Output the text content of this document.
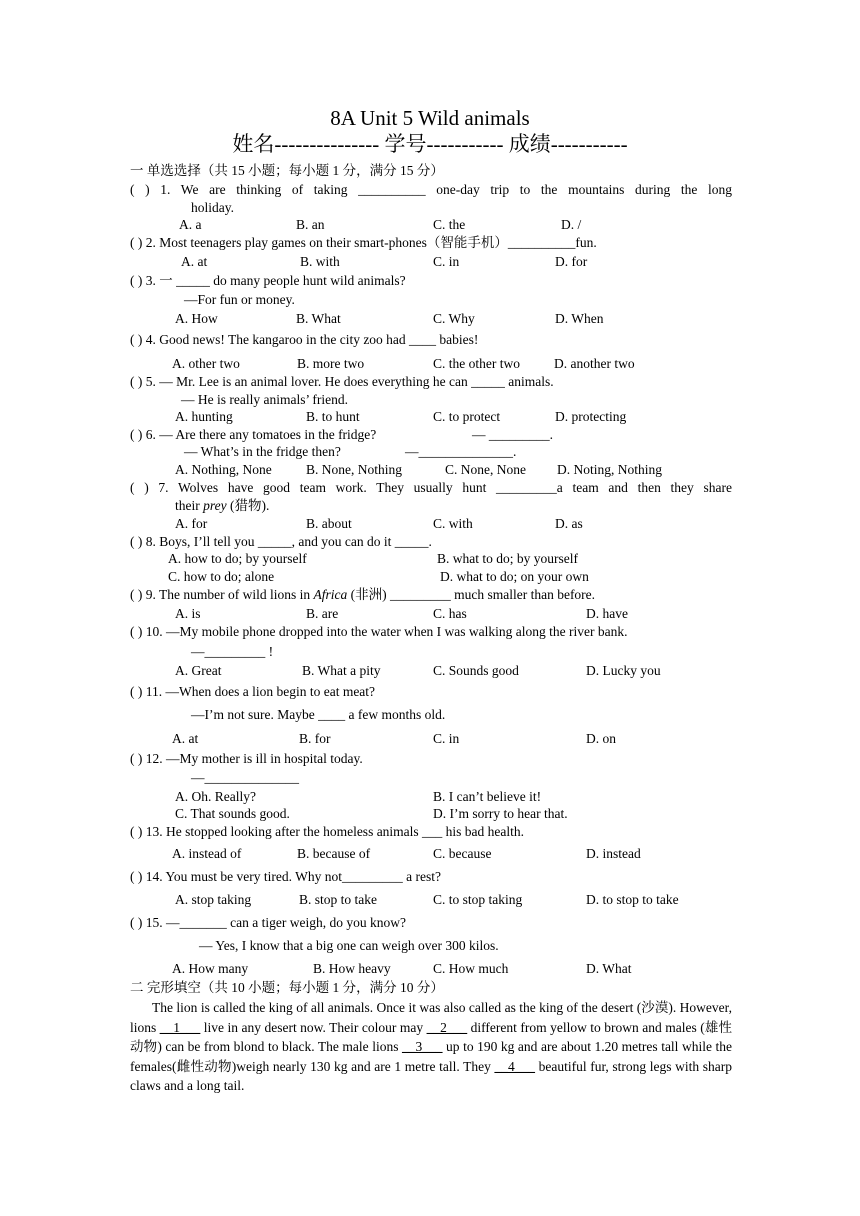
8A Unit 5 Wild animals
姓名--------------- 学号----------- 成绩-----------
一 单选选择（共 15 小题；每小题 1 分，满分 15 分）
( ) 1. We are thinking of taking __________ one-day trip to the mountains during the long
holiday.
A. a	B. an	C. the	D. /
( ) 2. Most teenagers play games on their smart-phones（智能手机）__________fun.
A. at	B. with	C. in	D. for
( ) 3. 一 _____ do many people hunt wild animals?
—For fun or money.
A. How	B. What	C. Why	D. When
( ) 4. Good news! The kangaroo in the city zoo had ____ babies!
A. other two	B. more two	C. the other two	D. another two
( ) 5. — Mr. Lee is an animal lover. He does everything he can _____ animals.
— He is really animals’ friend.
A. hunting	B. to hunt	C. to protect	D. protecting
( ) 6. — Are there any tomatoes in the fridge?	— _________.
— What’s in the fridge then?	—______________.
A. Nothing, None	B. None, Nothing	C. None, None D. Noting, Nothing
( ) 7. Wolves have good team work. They usually hunt _________a team and then they share
their prey (猎物).
A. for	B. about	C. with	D. as
( ) 8. Boys, I’ll tell you _____, and you can do it _____.
A. how to do; by yourself	B. what to do; by yourself
C. how to do; alone	D. what to do; on your own
( ) 9. The number of wild lions in Africa (非洲) _________ much smaller than before.
A. is	B. are	C. has	D. have
( ) 10. —My mobile phone dropped into the water when I was walking along the river bank.
—_________ !
A. Great	B. What a pity	C. Sounds good	D. Lucky you
( ) 11. —When does a lion begin to eat meat?
—I’m not sure. Maybe ____ a few months old.
A. at	B. for	C. in	D. on
( ) 12. —My mother is ill in hospital today.
—______________
A. Oh. Really?	B. I can’t believe it!
C. That sounds good.	D. I’m sorry to hear that.
( ) 13. He stopped looking after the homeless animals ___ his bad health.
A. instead of	B. because of	C. because	D. instead
( ) 14. You must be very tired. Why not_________ a rest?
A. stop taking	B. stop to take	C. to stop taking	D. to stop to take
( ) 15. —_______ can a tiger weigh, do you know?
— Yes, I know that a big one can weigh over 300 kilos.
A. How many	B. How heavy	C. How much	D. What
二 完形填空（共 10 小题；每小题 1 分，满分 10 分）
The lion is called the king of all animals. Once it was also called as the king of the desert (沙漠). However, lions __1___ live in any desert now. Their colour may __2___ different from yellow to brown and males (雄性动物) can be from blond to black. The male lions __3___ up to 190 kg and are about 1.20 metres tall while the females(雌性动物)weigh nearly 130 kg and are 1 metre tall. They __4___ beautiful fur, strong legs with sharp claws and a long tail.
